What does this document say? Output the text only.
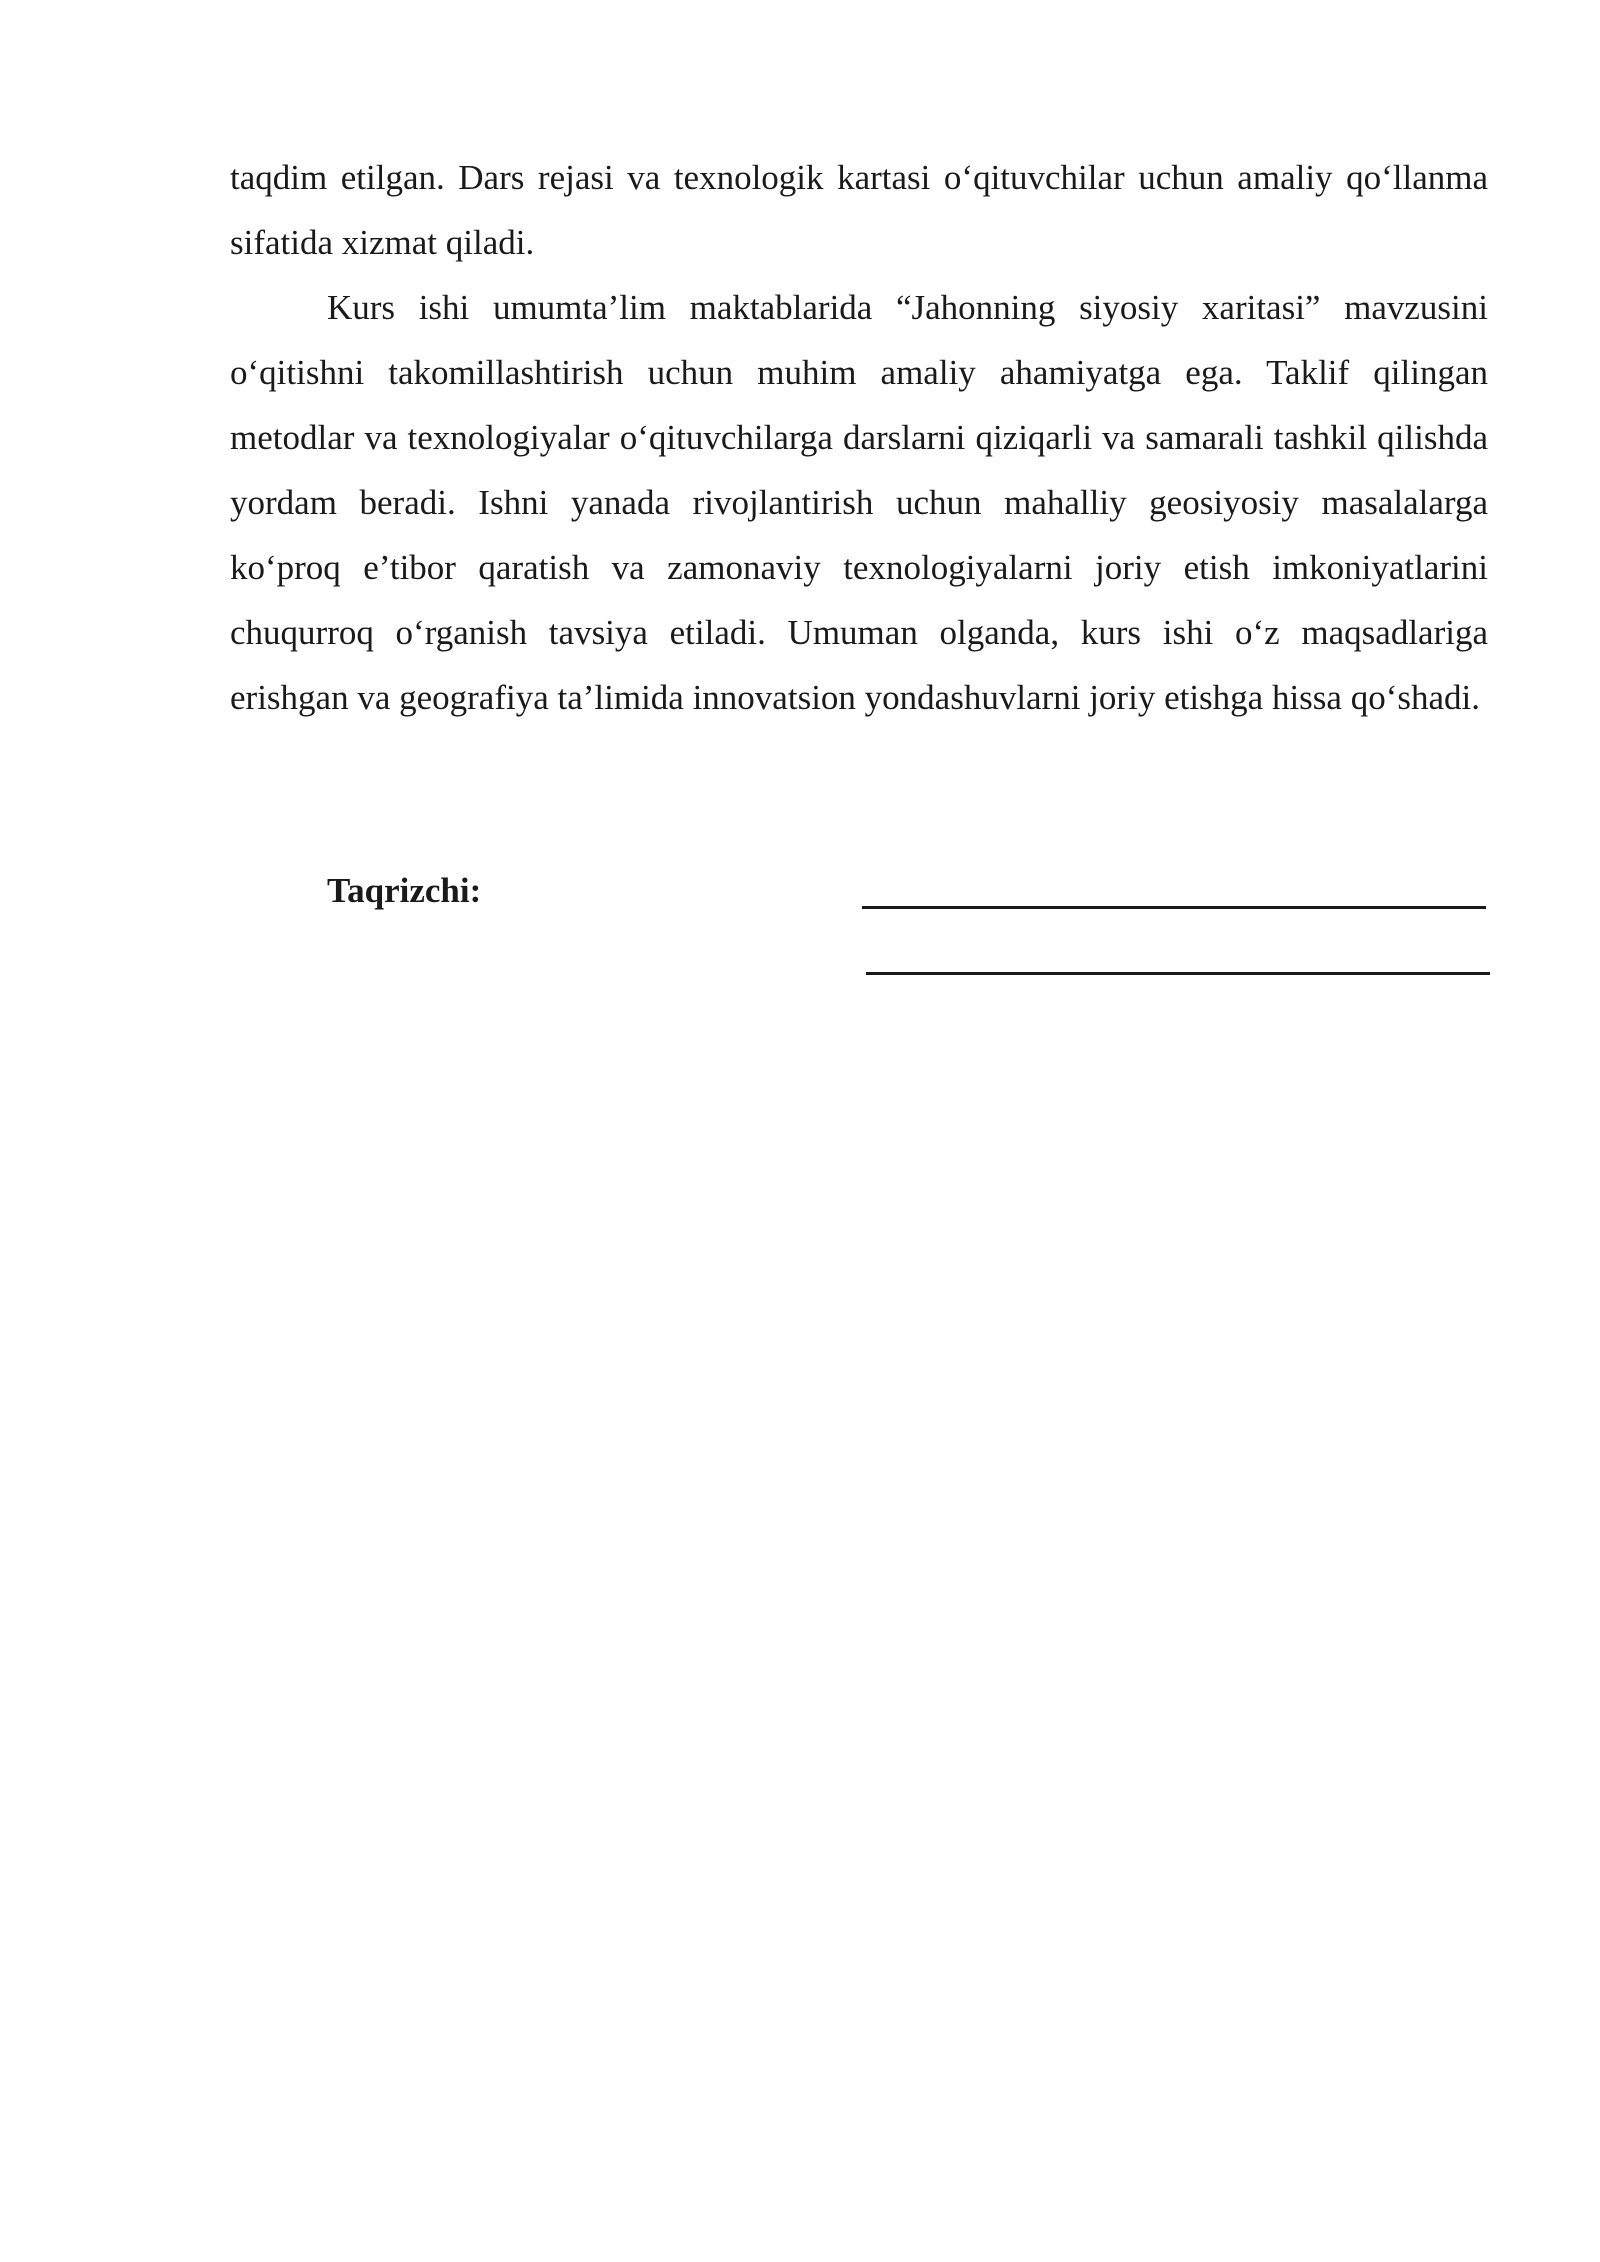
taqdim etilgan. Dars rejasi va texnologik kartasi o‘qituvchilar uchun amaliy qo‘llanma sifatida xizmat qiladi.

Kurs ishi umumta’lim maktablarida “Jahonning siyosiy xaritasi” mavzusini o‘qitishni takomillashtirish uchun muhim amaliy ahamiyatga ega. Taklif qilingan metodlar va texnologiyalar o‘qituvchilarga darslarni qiziqarli va samarali tashkil qilishda yordam beradi. Ishni yanada rivojlantirish uchun mahalliy geosiyosiy masalalarga ko‘proq e’tibor qaratish va zamonaviy texnologiyalarni joriy etish imkoniyatlarini chuqurroq o‘rganish tavsiya etiladi. Umuman olganda, kurs ishi o‘z maqsadlariga erishgan va geografiya ta’limida innovatsion yondashuvlarni joriy etishga hissa qo‘shadi.

Taqrizchi:
